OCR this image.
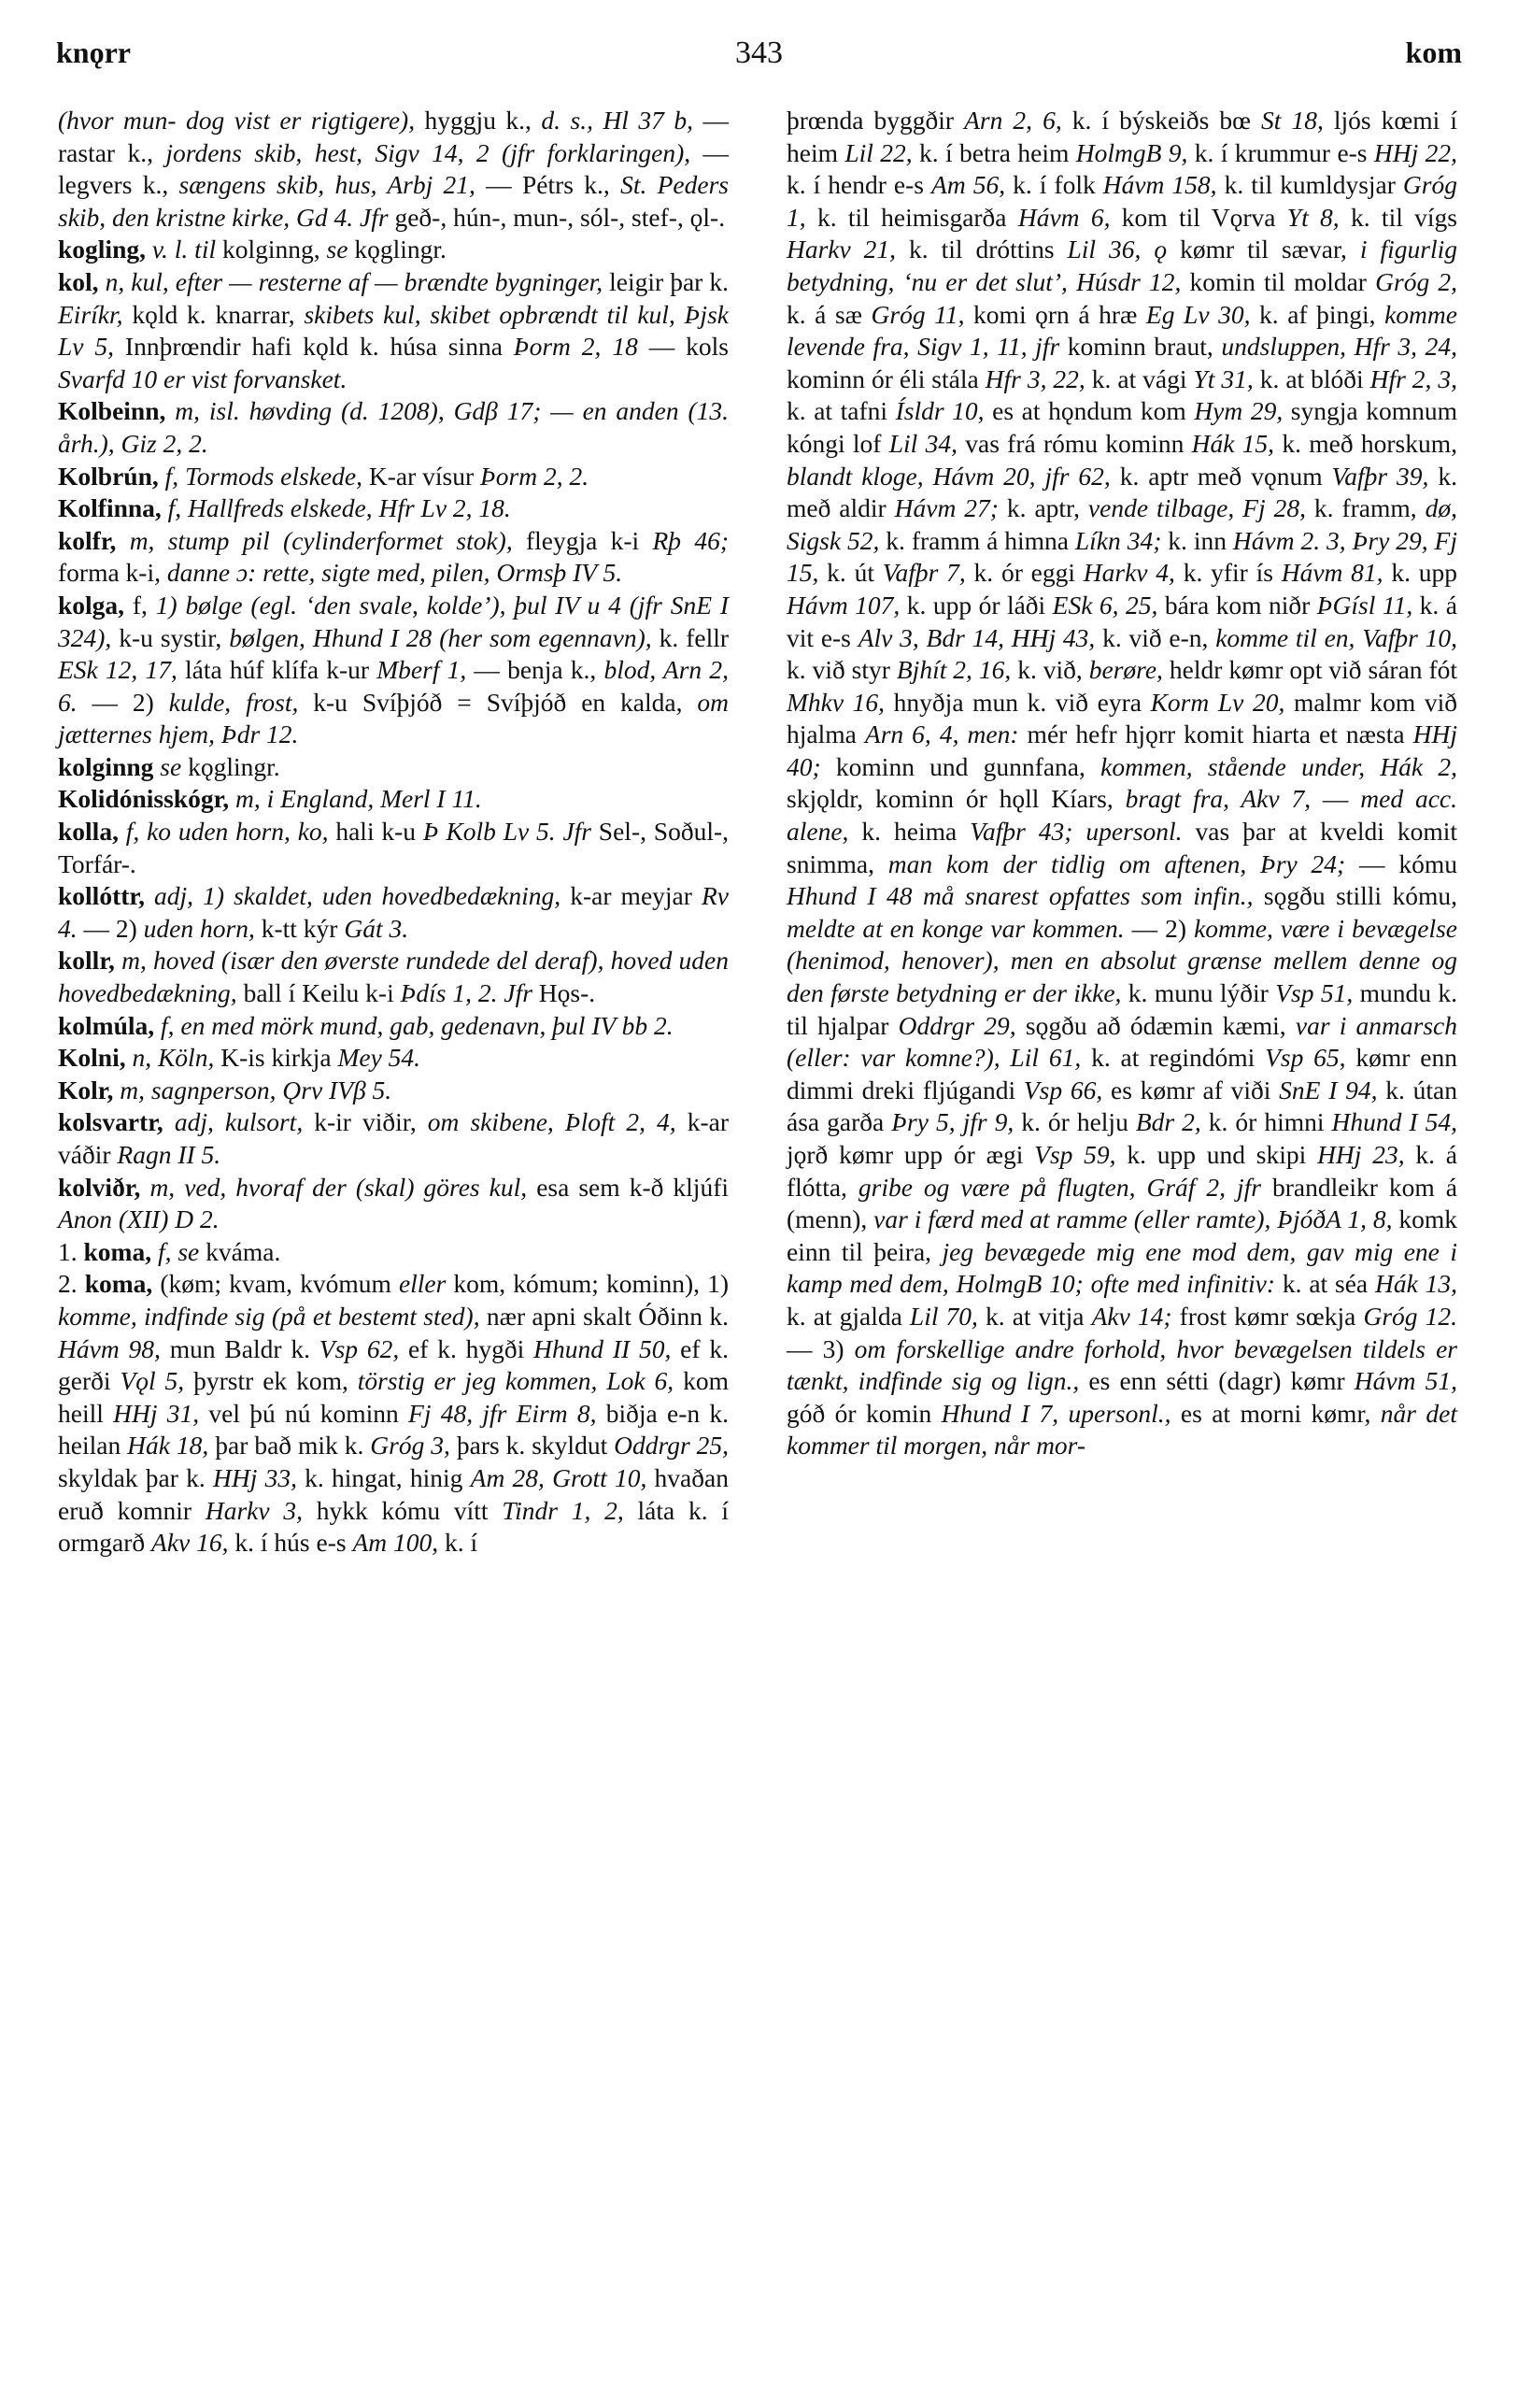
knǫrr	343	kom

(hvor mun- dog vist er rigtigere), hyggju k., d. s., Hl 37 b, — rastar k., jordens skib, hest, Sigv 14, 2 (jfr forklaringen), — legvers k., sængens skib, hus, Arbj 21, — Pétrs k., St. Peders skib, den kristne kirke, Gd 4. Jfr geð-, hún-, mun-, sól-, stef-, ǫl-.

kogling, v. l. til kolginng, se kǫglingr.

kol, n, kul, efter — resterne af — brændte bygninger, leigir þar k. Eiríkr, kǫld k. knarrar, skibets kul, skibet opbrændt til kul, Þjsk Lv 5, Innþrœndir hafi kǫld k. húsa sinna Þorm 2, 18 — kols Svarfd 10 er vist forvansket.

Kolbeinn, m, isl. høvding (d. 1208), Gdβ 17; — en anden (13. årh.), Giz 2, 2.

Kolbrún, f, Tormods elskede, K-ar vísur Þorm 2, 2.

Kolfinna, f, Hallfreds elskede, Hfr Lv 2, 18.

kolfr, m, stump pil (cylinderformet stok), fleygja k-i Rþ 46; forma k-i, danne ɔ: rette, sigte med, pilen, Ormsþ IV 5.

kolga, f, 1) bølge (egl. ‘den svale, kolde’), þul IV u 4 (jfr SnE I 324), k-u systir, bølgen, Hhund I 28 (her som egennavn), k. fellr ESk 12, 17, láta húf klífa k-ur Mberf 1, — benja k., blod, Arn 2, 6. — 2) kulde, frost, k-u Svíþjóð = Svíþjóð en kalda, om jætternes hjem, Þdr 12.

kolginng se kǫglingr.

Kolidónisskógr, m, i England, Merl I 11.

kolla, f, ko uden horn, ko, hali k-u Þ Kolb Lv 5. Jfr Sel-, Soðul-, Torfár-.

kollóttr, adj, 1) skaldet, uden hovedbedækning, k-ar meyjar Rv 4. — 2) uden horn, k-tt kýr Gát 3.

kollr, m, hoved (især den øverste rundede del deraf), hoved uden hovedbedækning, ball í Keilu k-i Þdís 1, 2. Jfr Hǫs-.

kolmúla, f, en med mörk mund, gab, gedenavn, þul IV bb 2.

Kolni, n, Köln, K-is kirkja Mey 54.

Kolr, m, sagnperson, Ǫrv IVβ 5.

kolsvartr, adj, kulsort, k-ir viðir, om skibene, Þloft 2, 4, k-ar váðir Ragn II 5.

kolviðr, m, ved, hvoraf der (skal) göres kul, esa sem k-ð kljúfi Anon (XII) D 2.

1. koma, f, se kváma.

2. koma, (køm; kvam, kvómum eller kom, kómum; kominn), 1) komme, indfinde sig (på et bestemt sted), nær apni skalt Óðinn k. Hávm 98, mun Baldr k. Vsp 62, ef k. hygði Hhund II 50, ef k. gerði Vǫl 5, þyrstr ek kom, törstig er jeg kommen, Lok 6, kom heill HHj 31, vel þú nú kominn Fj 48, jfr Eirm 8, biðja e-n k. heilan Hák 18, þar bað mik k. Gróg 3, þars k. skyldut Oddrgr 25, skyldak þar k. HHj 33, k. hingat, hinig Am 28, Grott 10, hvaðan eruð komnir Harkv 3, hykk kómu vítt Tindr 1, 2, láta k. í ormgarð Akv 16, k. í hús e-s Am 100, k. í

þrœnda byggðir Arn 2, 6, k. í býskeiðs bœ St 18, ljós kœmi í heim Lil 22, k. í betra heim HolmgB 9, k. í krummur e-s HHj 22, k. í hendr e-s Am 56, k. í folk Hávm 158, k. til kumldysjar Gróg 1, k. til heimisgarða Hávm 6, kom til Vǫrva Yt 8, k. til vígs Harkv 21, k. til dróttins Lil 36, ǫ kømr til sævar, i figurlig betydning, ‘nu er det slut’, Húsdr 12, komin til moldar Gróg 2, k. á sæ Gróg 11, komi ǫrn á hræ Eg Lv 30, k. af þingi, komme levende fra, Sigv 1, 11, jfr kominn braut, undsluppen, Hfr 3, 24, kominn ór éli stála Hfr 3, 22, k. at vági Yt 31, k. at blóði Hfr 2, 3, k. at tafni Ísldr 10, es at hǫndum kom Hym 29, syngja komnum kóngi lof Lil 34, vas frá rómu kominn Hák 15, k. með horskum, blandt kloge, Hávm 20, jfr 62, k. aptr með vǫnum Vafþr 39, k. með aldir Hávm 27; k. aptr, vende tilbage, Fj 28, k. framm, dø, Sigsk 52, k. framm á himna Líkn 34; k. inn Hávm 2. 3, Þry 29, Fj 15, k. út Vafþr 7, k. ór eggi Harkv 4, k. yfir ís Hávm 81, k. upp Hávm 107, k. upp ór láði ESk 6, 25, bára kom niðr ÞGísl 11, k. á vit e-s Alv 3, Bdr 14, HHj 43, k. við e-n, komme til en, Vafþr 10, k. við styr Bjhít 2, 16, k. við, berøre, heldr kømr opt við sáran fót Mhkv 16, hnyðja mun k. við eyra Korm Lv 20, malmr kom við hjalma Arn 6, 4, men: mér hefr hjǫrr komit hiarta et næsta HHj 40; kominn und gunnfana, kommen, stående under, Hák 2, skjǫldr, kominn ór hǫll Kíars, bragt fra, Akv 7, — med acc. alene, k. heima Vafþr 43; upersonl. vas þar at kveldi komit snimma, man kom der tidlig om aftenen, Þry 24; — kómu Hhund I 48 må snarest opfattes som infin., sǫgðu stilli kómu, meldte at en konge var kommen. — 2) komme, være i bevægelse (henimod, henover), men en absolut grænse mellem denne og den første betydning er der ikke, k. munu lýðir Vsp 51, mundu k. til hjalpar Oddrgr 29, sǫgðu að ódæmin kæmi, var i anmarsch (eller: var komne?), Lil 61, k. at regindómi Vsp 65, kømr enn dimmi dreki fljúgandi Vsp 66, es kømr af viði SnE I 94, k. útan ása garða Þry 5, jfr 9, k. ór helju Bdr 2, k. ór himni Hhund I 54, jǫrð kømr upp ór ægi Vsp 59, k. upp und skipi HHj 23, k. á flótta, gribe og være på flugten, Gráf 2, jfr brandleikr kom á (menn), var i færd med at ramme (eller ramte), ÞjóðA 1, 8, komk einn til þeira, jeg bevægede mig ene mod dem, gav mig ene i kamp med dem, HolmgB 10; ofte med infinitiv: k. at séa Hák 13, k. at gjalda Lil 70, k. at vitja Akv 14; frost kømr sœkja Gróg 12. — 3) om forskellige andre forhold, hvor bevægelsen tildels er tænkt, indfinde sig og lign., es enn sétti (dagr) kømr Hávm 51, góð ór komin Hhund I 7, upersonl., es at morni kømr, når det kommer til morgen, når mor-
